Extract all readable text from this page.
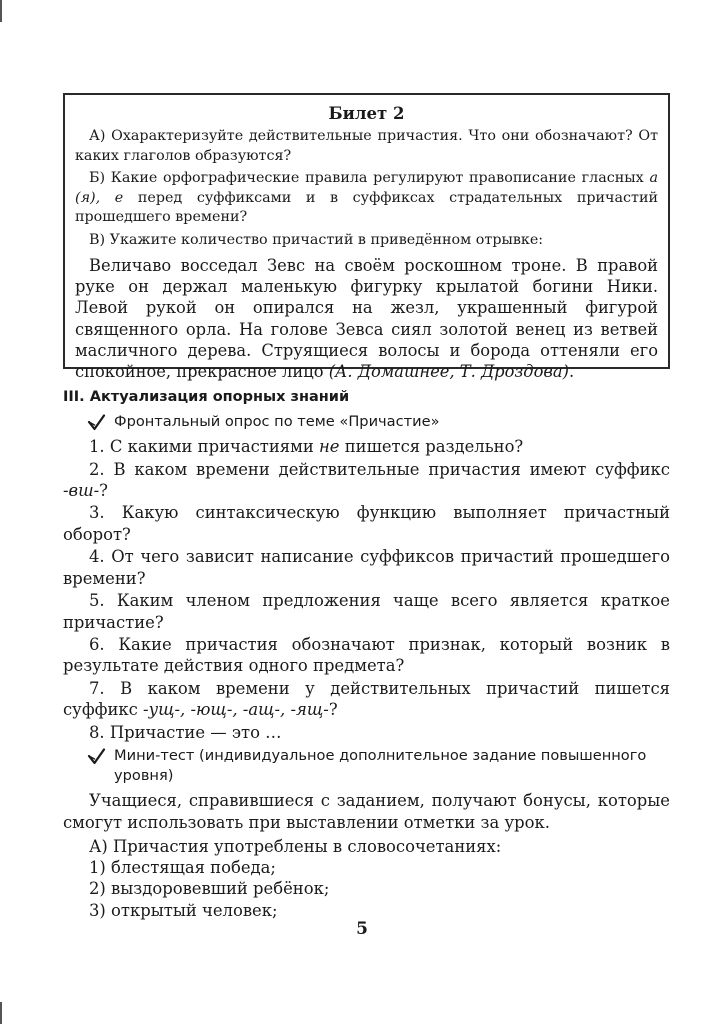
Билет 2

А) Охарактеризуйте действительные причастия. Что они обозначают? От каких глаголов образуются?

Б) Какие орфографические правила регулируют правописание гласных а (я), е перед суффиксами и в суффиксах страдательных причастий прошедшего времени?

В) Укажите количество причастий в приведённом отрывке:

Величаво восседал Зевс на своём роскошном троне. В правой руке он держал маленькую фигурку крылатой богини Ники. Левой рукой он опирался на жезл, украшенный фигурой священного орла. На голове Зевса сиял золотой венец из ветвей масличного дерева. Струящиеся волосы и борода оттеняли его спокойное, прекрасное лицо (А. Домашнее, Т. Дроздова).

III. Актуализация опорных знаний

Фронтальный опрос по теме «Причастие»

1. С какими причастиями не пишется раздельно?

2. В каком времени действительные причастия имеют суффикс -вш-?

3. Какую синтаксическую функцию выполняет причастный оборот?

4. От чего зависит написание суффиксов причастий прошедшего времени?

5. Каким членом предложения чаще всего является краткое причастие?

6. Какие причастия обозначают признак, который возник в результате действия одного предмета?

7. В каком времени у действительных причастий пишется суффикс -ущ-, -ющ-, -ащ-, -ящ-?

8. Причастие — это …

Мини-тест (индивидуальное дополнительное задание повышенного уровня)

Учащиеся, справившиеся с заданием, получают бонусы, которые смогут использовать при выставлении отметки за урок.

А) Причастия употреблены в словосочетаниях:

1) блестящая победа;

2) выздоровевший ребёнок;

3) открытый человек;

5
